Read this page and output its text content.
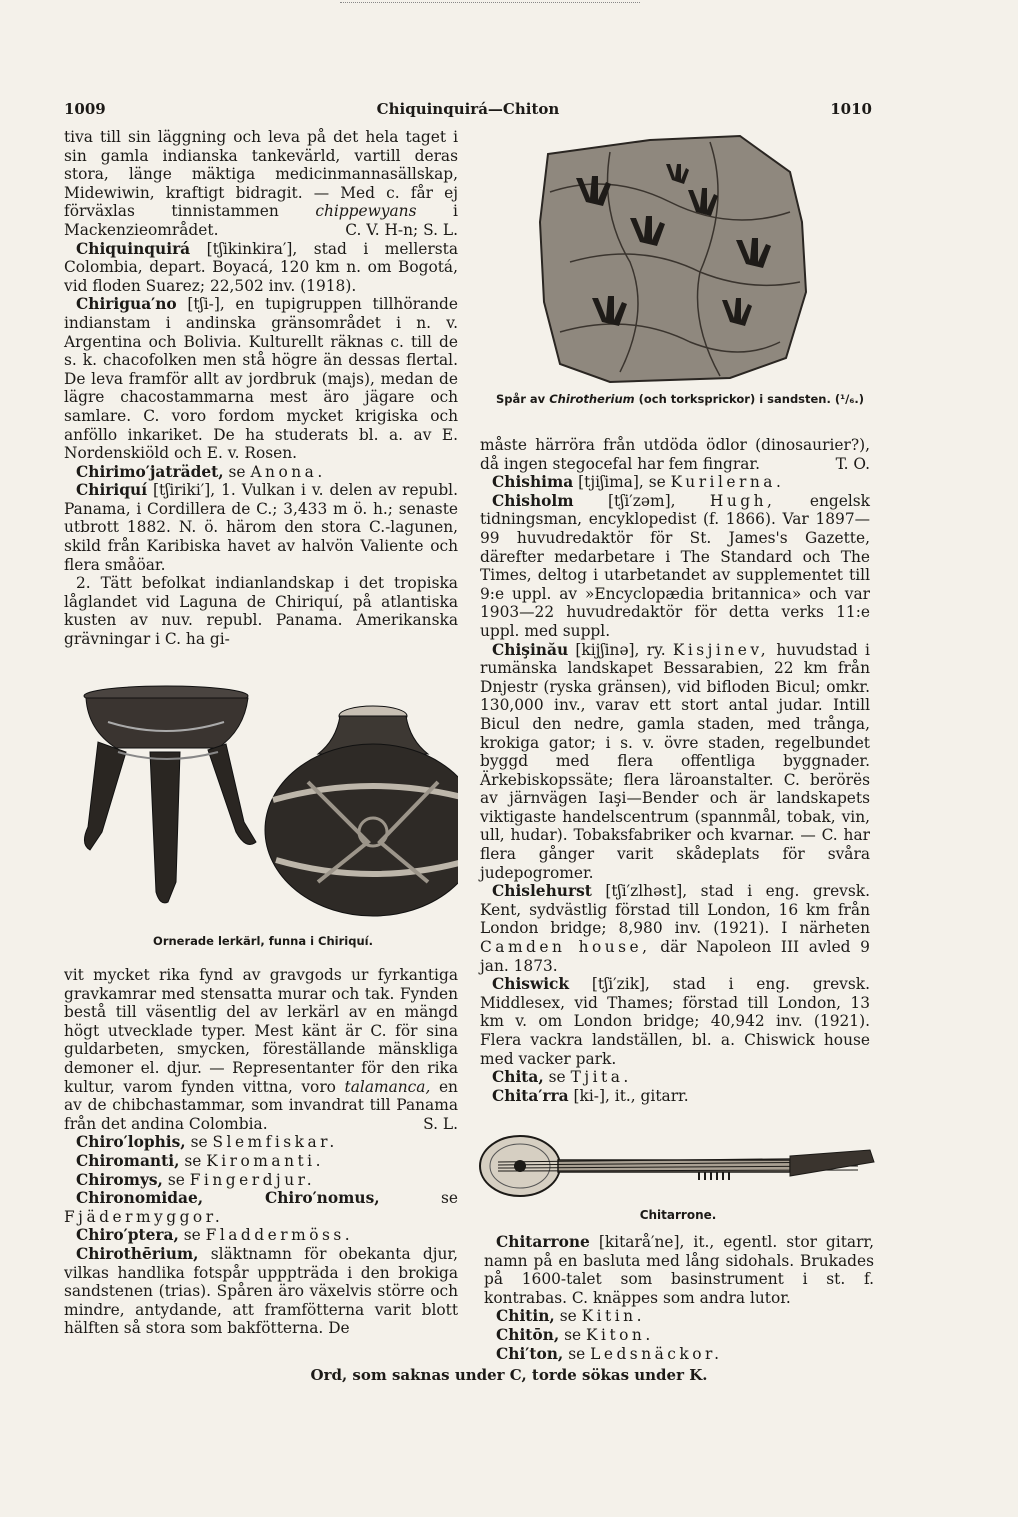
1009	Chiquinquirá—Chiton	1010

tiva till sin läggning och leva på det hela taget i sin gamla indianska tankevärld, vartill deras stora, länge mäktiga medicinmannasällskap, Midewiwin, kraftigt bidragit. — Med c. får ej förväxlas tinnistammen chippewyans i Mackenzieområdet.	C. V. H-n; S. L.

Chiquinquirá [tʃikinkira′], stad i mellersta Colombia, depart. Boyacá, 120 km n. om Bogotá, vid floden Suarez; 22,502 inv. (1918).

Chirigua′no [tʃi-], en tupigruppen tillhörande indianstam i andinska gränsområdet i n. v. Argentina och Bolivia. Kulturellt räknas c. till de s. k. chacofolken men stå högre än dessas flertal. De leva framför allt av jordbruk (majs), medan de lägre chacostammarna mest äro jägare och samlare. C. voro fordom mycket krigiska och anföllo inkariket. De ha studerats bl. a. av E. Nordenskiöld och E. v. Rosen.

Chirimo′jaträdet, se Anona.

Chiriquí [tʃiriki′], 1. Vulkan i v. delen av republ. Panama, i Cordillera de C.; 3,433 m ö. h.; senaste utbrott 1882. N. ö. härom den stora C.-lagunen, skild från Karibiska havet av halvön Valiente och flera småöar.

2. Tätt befolkat indianlandskap i det tropiska låglandet vid Laguna de Chiriquí, på atlantiska kusten av nuv. republ. Panama. Amerikanska grävningar i C. ha gi-

Ornerade lerkärl, funna i Chiriquí.

vit mycket rika fynd av gravgods ur fyrkantiga gravkamrar med stensatta murar och tak. Fynden bestå till väsentlig del av lerkärl av en mängd högt utvecklade typer. Mest känt är C. för sina guldarbeten, smycken, föreställande mänskliga demoner el. djur. — Representanter för den rika kultur, varom fynden vittna, voro talamanca, en av de chibchastammar, som invandrat till Panama från det andina Colombia.	S. L.

Chiro′lophis, se Slemfiskar.

Chiromanti, se Kiromanti.

Chiromys, se Fingerdjur.

Chironomidae, Chiro′nomus,	se Fjädermyggor.

Chiro′ptera, se Fladdermöss.

Chirothērium, släktnamn för obekanta djur, vilkas handlika fotspår upppträda i den brokiga sandstenen (trias). Spåren äro växelvis större och mindre, antydande, att framfötterna varit blott hälften så stora som bakfötterna. De

Spår av Chirotherium (och torksprickor) i sandsten. (¹/₆.)

måste härröra från utdöda ödlor (dinosaurier?), då ingen stegocefal har fem fingrar.	T. O.

Chishima [tjiʃima], se Kurilerna.

Chisholm [tʃi′zəm], Hugh, engelsk tidningsman, encyklopedist (f. 1866). Var 1897—99 huvudredaktör för St. James's Gazette, därefter medarbetare i The Standard och The Times, deltog i utarbetandet av supplementet till 9:e uppl. av »Encyclopædia britannica» och var 1903—22 huvudredaktör för detta verks 11:e uppl. med suppl.

Chişinău [kijʃinə], ry. Kisjinev, huvudstad i rumänska landskapet Bessarabien, 22 km från Dnjestr (ryska gränsen), vid bifloden Bicul; omkr. 130,000 inv., varav ett stort antal judar. Intill Bicul den nedre, gamla staden, med trånga, krokiga gator; i s. v. övre staden, regelbundet byggd med flera offentliga byggnader. Ärkebiskopssäte; flera läroanstalter. C. berörës av järnvägen Iaşi—Bender och är landskapets viktigaste handelscentrum (spannmål, tobak, vin, ull, hudar). Tobaksfabriker och kvarnar. — C. har flera gånger varit skådeplats för svåra judepogromer.

Chislehurst [tʃi′zlhəst], stad i eng. grevsk. Kent, sydvästlig förstad till London, 16 km från London bridge; 8,980 inv. (1921). I närheten Camden house, där Napoleon III avled 9 jan. 1873.

Chiswick [tʃi′zik], stad i eng. grevsk. Middlesex, vid Thames; förstad till London, 13 km v. om London bridge; 40,942 inv. (1921). Flera vackra landställen, bl. a. Chiswick house med vacker park.

Chita, se Tjita.

Chita′rra [ki-], it., gitarr.

Chitarrone.

Chitarrone [kitarå′ne], it., egentl. stor gitarr, namn på en basluta med lång sidohals. Brukades på 1600-talet som basinstrument i st. f. kontrabas. C. knäppes som andra lutor.

Chitin, se Kitin.

Chitōn, se Kiton.

Chi′ton, se Ledsnäckor.

Ord, som saknas under C, torde sökas under K.
